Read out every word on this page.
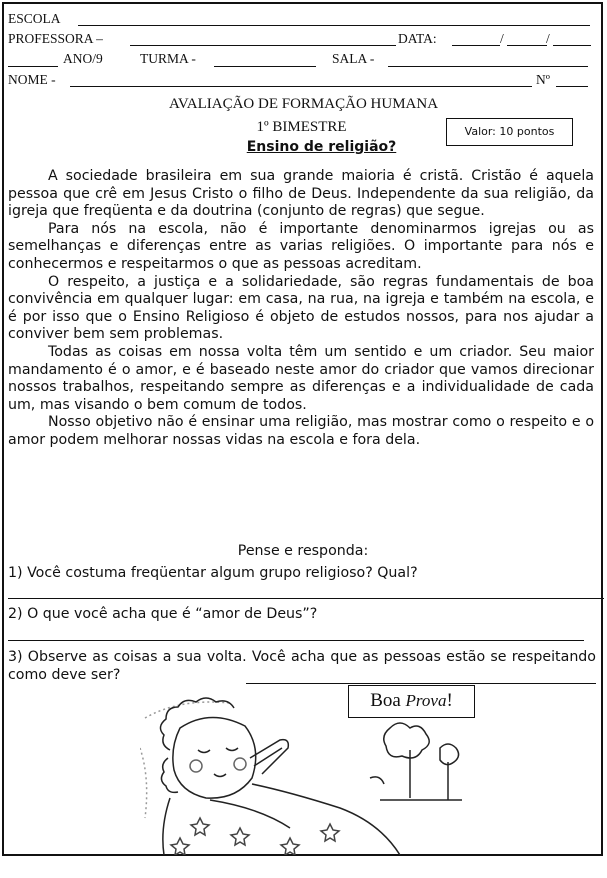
ESCOLA
PROFESSORA –	DATA:	/	/
ANO/9	TURMA -	SALA -
NOME -	Nº
AVALIAÇÃO DE FORMAÇÃO HUMANA
1º BIMESTRE
Ensino de religião?
Valor: 10 pontos

A sociedade brasileira em sua grande maioria é cristã. Cristão é aquela pessoa que crê em Jesus Cristo o filho de Deus. Independente da sua religião, da igreja que freqüenta e da doutrina (conjunto de regras) que segue.

Para nós na escola, não é importante denominarmos igrejas ou as semelhanças e diferenças entre as varias religiões. O importante para nós e conhecermos e respeitarmos o que as pessoas acreditam.

O respeito, a justiça e a solidariedade, são regras fundamentais de boa convivência em qualquer lugar: em casa, na rua, na igreja e também na escola, e é por isso que o Ensino Religioso é objeto de estudos nossos, para nos ajudar a conviver bem sem problemas.

Todas as coisas em nossa volta têm um sentido e um criador. Seu maior mandamento é o amor, e é baseado neste amor do criador que vamos direcionar nossos trabalhos, respeitando sempre as diferenças e a individualidade de cada um, mas visando o bem comum de todos.

Nosso objetivo não é ensinar uma religião, mas mostrar como o respeito e o amor podem melhorar nossas vidas na escola e fora dela.

Pense e responda:
1) Você costuma freqüentar algum grupo religioso? Qual?
2) O que você acha que é “amor de Deus”?
3) Observe as coisas a sua volta. Você acha que as pessoas estão se respeitando como deve ser?
Boa Prova!
